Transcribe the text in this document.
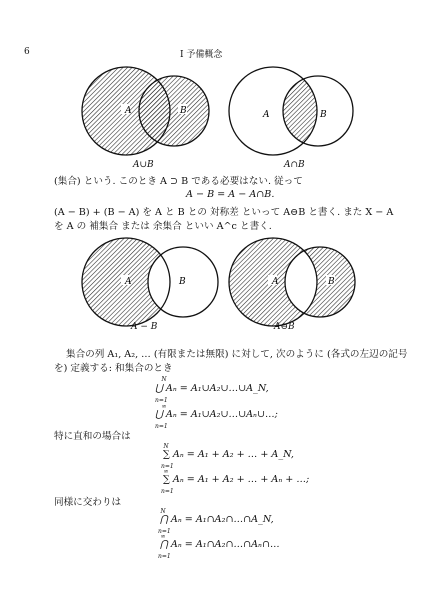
6	I 予備概念
A	B	A	B
A	B	A	B
A∪B	A∩B
A − B	A⊖B
(集合) という. このとき A ⊃ B である必要はない. 従って
A − B = A − A∩B.
(A − B) + (B − A) を A と B との 対称差 といって A⊖B と書く. また X − A
を A の 補集合 または 余集合 といい A^c と書く.
集合の列 A₁, A₂, … (有限または無限) に対して, 次のように (各式の左辺の記号
を) 定義する: 和集合のとき
N
⋃ Aₙ = A₁∪A₂∪…∪A_N,
n=1
∞
⋃ Aₙ = A₁∪A₂∪…∪Aₙ∪…;
n=1
特に直和の場合は
N
∑ Aₙ = A₁ + A₂ + … + A_N,
n=1
∞
∑ Aₙ = A₁ + A₂ + … + Aₙ + …;
n=1
同様に交わりは
N
⋂ Aₙ = A₁∩A₂∩…∩A_N,
n=1
∞
⋂ Aₙ = A₁∩A₂∩…∩Aₙ∩…
n=1
